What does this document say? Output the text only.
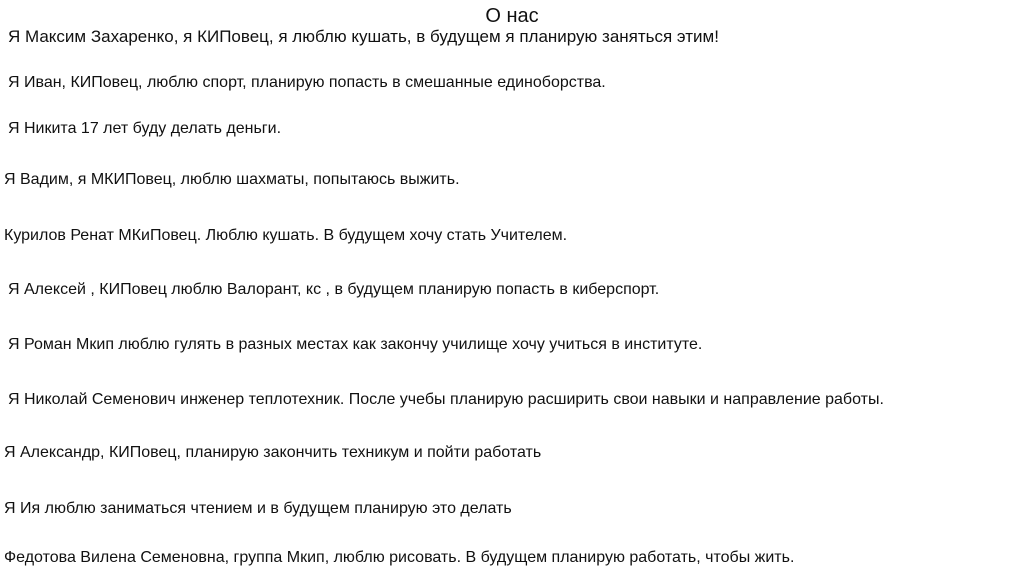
О нас
Я Максим Захаренко, я КИПовец, я люблю кушать, в будущем я планирую заняться этим!
Я Иван, КИПовец, люблю спорт, планирую попасть в смешанные единоборства.
Я Никита 17 лет буду делать деньги.
Я Вадим, я МКИПовец, люблю шахматы, попытаюсь выжить.
Курилов Ренат МКиПовец. Люблю кушать. В будущем хочу стать Учителем.
Я Алексей , КИПовец люблю Валорант, кс , в будущем планирую попасть в киберспорт.
Я Роман Мкип люблю гулять в разных местах как закончу училище хочу учиться в институте.
Я Николай Семенович инженер теплотехник. После учебы планирую расширить свои навыки и направление работы.
Я Александр, КИПовец, планирую закончить техникум и пойти работать
Я Ия люблю заниматься чтением и в будущем планирую это делать
Федотова Вилена Семеновна, группа Мкип, люблю рисовать. В будущем планирую работать, чтобы жить.
